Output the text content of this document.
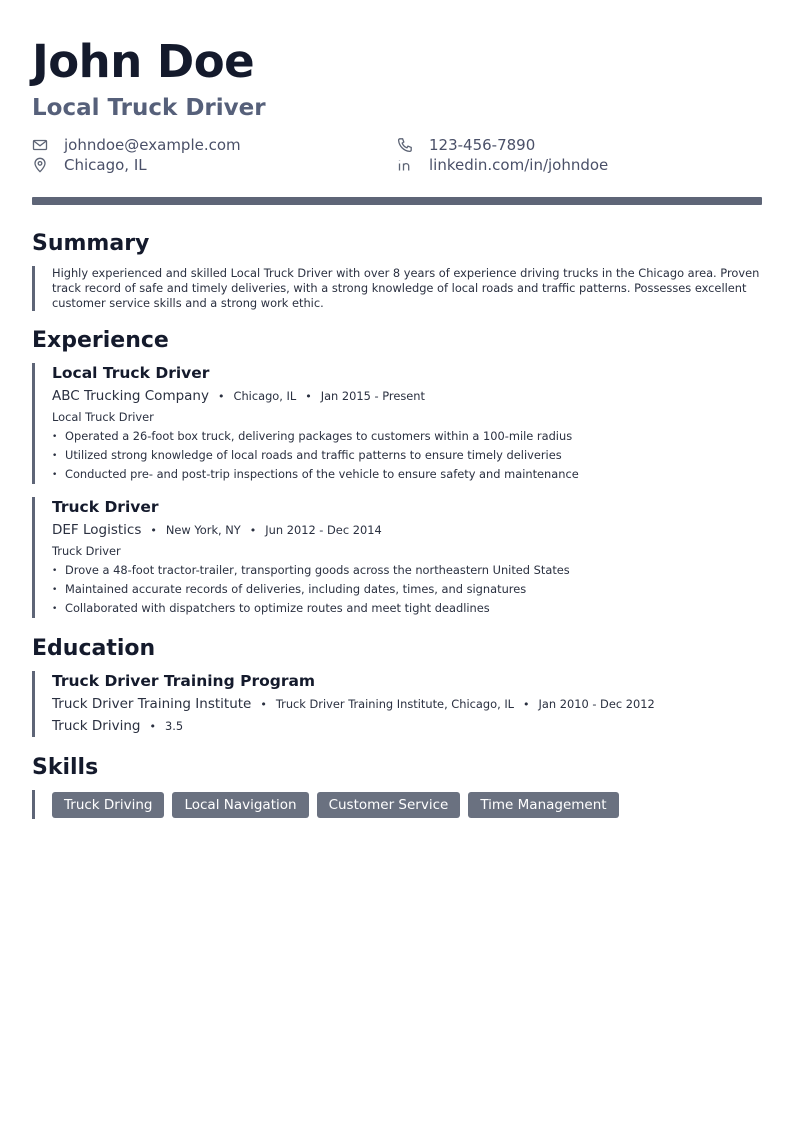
John Doe
Local Truck Driver
johndoe@example.com	123-456-7890
Chicago, IL	linkedin.com/in/johndoe
Summary
Highly experienced and skilled Local Truck Driver with over 8 years of experience driving trucks in the Chicago area. Proven track record of safe and timely deliveries, with a strong knowledge of local roads and traffic patterns. Possesses excellent customer service skills and a strong work ethic.
Experience
Local Truck Driver
ABC Trucking Company • Chicago, IL • Jan 2015 - Present
Local Truck Driver
• Operated a 26-foot box truck, delivering packages to customers within a 100-mile radius
• Utilized strong knowledge of local roads and traffic patterns to ensure timely deliveries
• Conducted pre- and post-trip inspections of the vehicle to ensure safety and maintenance
Truck Driver
DEF Logistics • New York, NY • Jun 2012 - Dec 2014
Truck Driver
• Drove a 48-foot tractor-trailer, transporting goods across the northeastern United States
• Maintained accurate records of deliveries, including dates, times, and signatures
• Collaborated with dispatchers to optimize routes and meet tight deadlines
Education
Truck Driver Training Program
Truck Driver Training Institute • Truck Driver Training Institute, Chicago, IL • Jan 2010 - Dec 2012
Truck Driving • 3.5
Skills
Truck Driving	Local Navigation	Customer Service	Time Management
